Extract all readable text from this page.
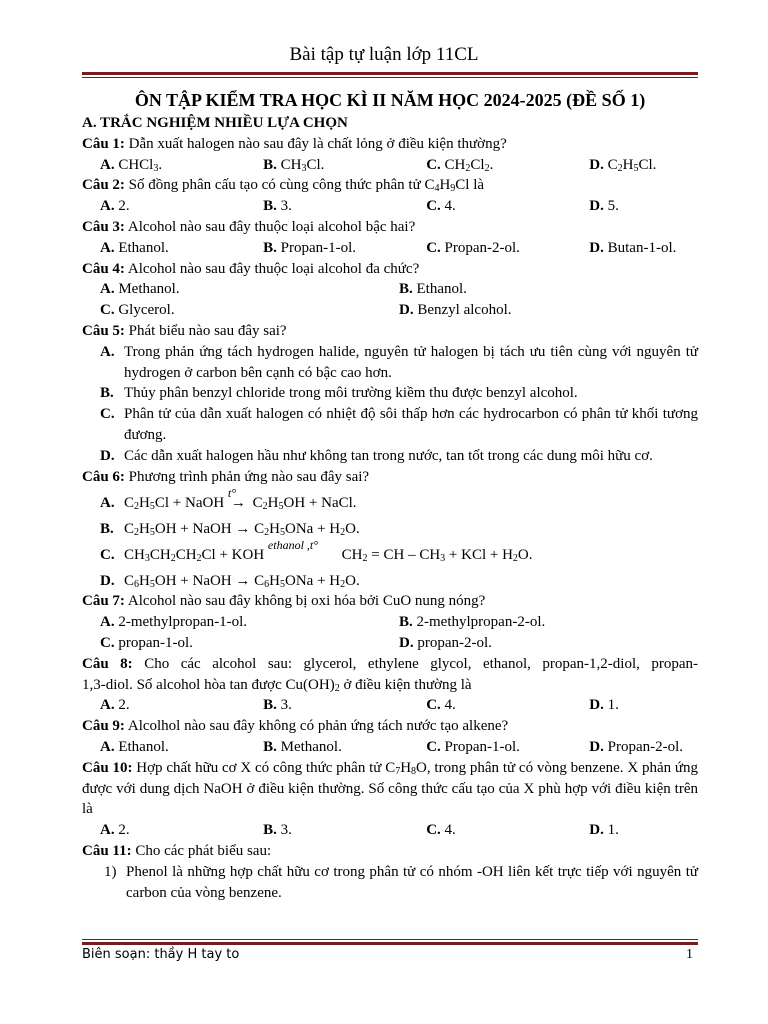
Bài tập tự luận lớp 11CL
ÔN TẬP KIỂM TRA HỌC KÌ II NĂM HỌC 2024-2025 (ĐỀ SỐ 1)
A. TRẮC NGHIỆM NHIỀU LỰA CHỌN
Câu 1: Dẫn xuất halogen nào sau đây là chất lỏng ở điều kiện thường?
A. CHCl$_3$.	B. $CH_3Cl$.	C. $CH_2Cl_2$.	D. $C_2H_5Cl$.
Câu 2: Số đồng phân cấu tạo có cùng công thức phân tử $C_4H_9Cl$ là
A. 2.	B. 3.	C. 4.	D. 5.
Câu 3: Alcohol nào sau đây thuộc loại alcohol bậc hai?
A. Ethanol.	B. Propan-1-ol.	C. Propan-2-ol.	D. Butan-1-ol.
Câu 4: Alcohol nào sau đây thuộc loại alcohol đa chức?
A. Methanol.	B. Ethanol.
C. Glycerol.	D. Benzyl alcohol.
Câu 5: Phát biểu nào sau đây sai?
A. Trong phản ứng tách hydrogen halide, nguyên tử halogen bị tách ưu tiên cùng với nguyên tử hydrogen ở carbon bên cạnh có bậc cao hơn.
B. Thủy phân benzyl chloride trong môi trường kiềm thu được benzyl alcohol.
C. Phân tử của dẫn xuất halogen có nhiệt độ sôi thấp hơn các hydrocarbon có phân tử khối tương đương.
D. Các dẫn xuất halogen hầu như không tan trong nước, tan tốt trong các dung môi hữu cơ.
Câu 6: Phương trình phản ứng nào sau đây sai?
A. $C_2H_5Cl$ + NaOH
t°
→ $C_2H_5OH$ + NaCl.
B. $C_2H_5OH$ + NaOH → $C_2H_5ONa + H_2O$.
C. $CH_3CH_2CH_2Cl$ + KOH
ethanol ,t°
$CH_2$ = CH – $CH_3$ + KCl + $H_2O$.
D. $C_6H_5OH$ + NaOH → $C_6H_5ONa + H_2O$.
Câu 7: Alcohol nào sau đây không bị oxi hóa bởi CuO nung nóng?
A. 2-methylpropan-1-ol.	B. 2-methylpropan-2-ol.
C. propan-1-ol.	D. propan-2-ol.
Câu 8: Cho các alcohol sau: glycerol, ethylene glycol, ethanol, propan-1,2-diol, propan-
1,3-diol. Số alcohol hòa tan được $Cu(OH)_2$ ở điều kiện thường là
A. 2.	B. 3.	C. 4.	D. 1.
Câu 9: Alcolhol nào sau đây không có phản ứng tách nước tạo alkene?
A. Ethanol.	B. Methanol.	C. Propan-1-ol.	D. Propan-2-ol.
Câu 10: Hợp chất hữu cơ X có công thức phân tử $C_7H_8O$, trong phân tử có vòng benzene. X phản ứng được với dung dịch NaOH ở điều kiện thường. Số công thức cấu tạo của X phù hợp với điều kiện trên là
A. 2.	B. 3.	C. 4.	D. 1.
Câu 11: Cho các phát biểu sau:
1) Phenol là những hợp chất hữu cơ trong phân tử có nhóm -OH liên kết trực tiếp với nguyên tử carbon của vòng benzene.
Biên soạn: thầy H tay to	1
